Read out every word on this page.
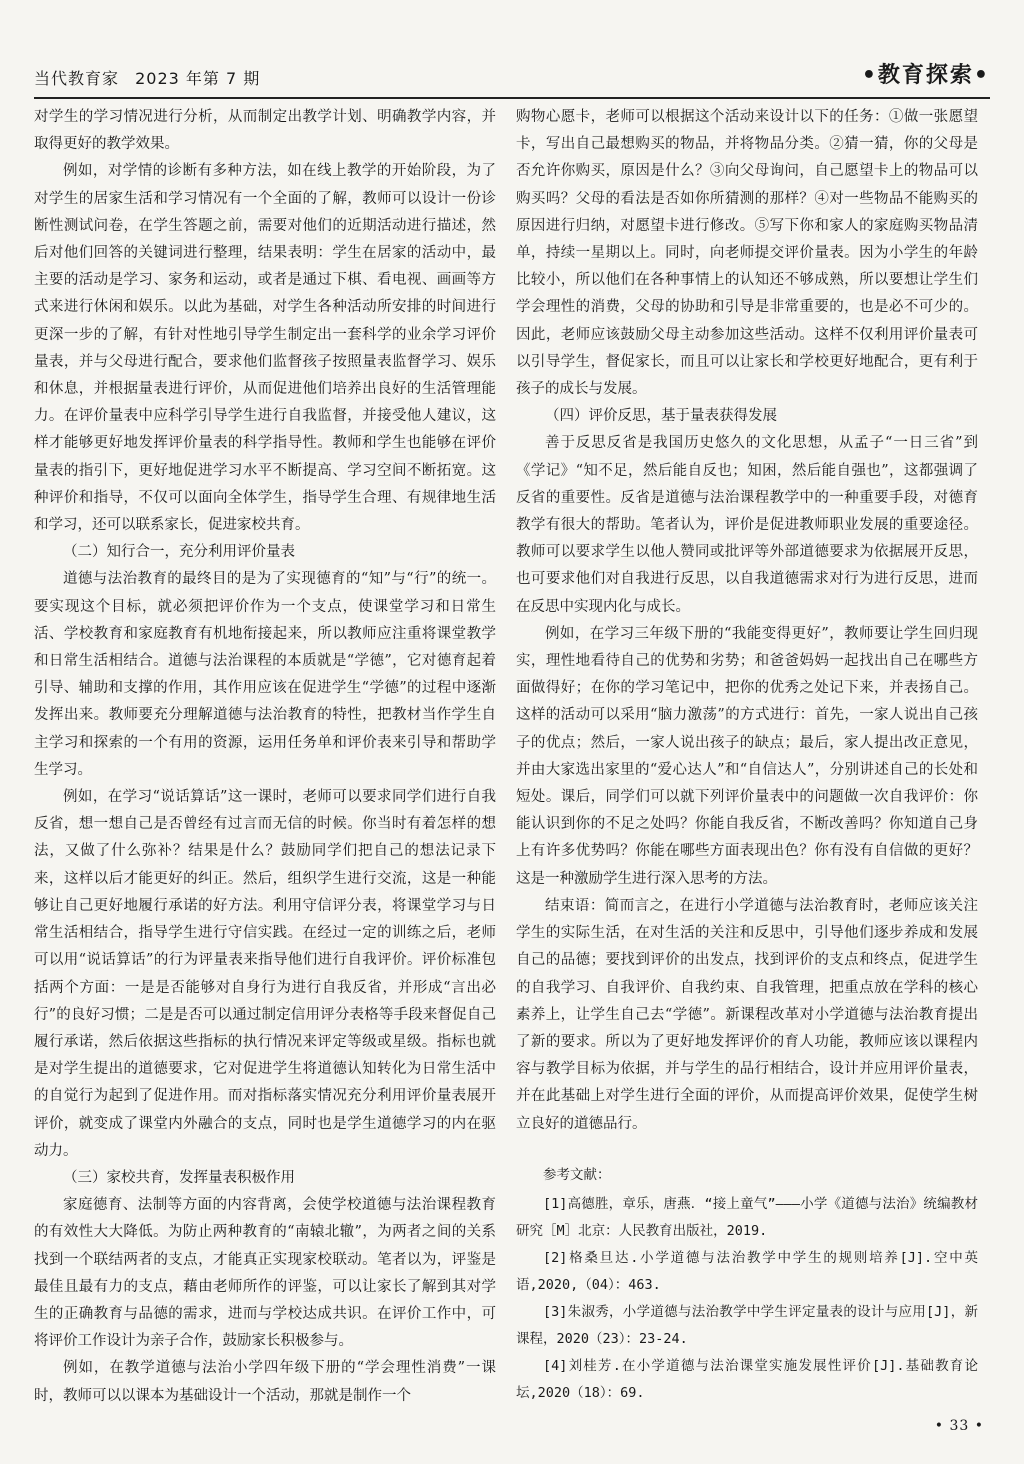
当代教育家 2023 年第 7 期	•教育探索•

对学生的学习情况进行分析，从而制定出教学计划、明确教学内容，并取得更好的教学效果。

例如，对学情的诊断有多种方法，如在线上教学的开始阶段，为了对学生的居家生活和学习情况有一个全面的了解，教师可以设计一份诊断性测试问卷，在学生答题之前，需要对他们的近期活动进行描述，然后对他们回答的关键词进行整理，结果表明：学生在居家的活动中，最主要的活动是学习、家务和运动，或者是通过下棋、看电视、画画等方式来进行休闲和娱乐。以此为基础，对学生各种活动所安排的时间进行更深一步的了解，有针对性地引导学生制定出一套科学的业余学习评价量表，并与父母进行配合，要求他们监督孩子按照量表监督学习、娱乐和休息，并根据量表进行评价，从而促进他们培养出良好的生活管理能力。在评价量表中应科学引导学生进行自我监督，并接受他人建议，这样才能够更好地发挥评价量表的科学指导性。教师和学生也能够在评价量表的指引下，更好地促进学习水平不断提高、学习空间不断拓宽。这种评价和指导，不仅可以面向全体学生，指导学生合理、有规律地生活和学习，还可以联系家长，促进家校共育。

（二）知行合一，充分利用评价量表

道德与法治教育的最终目的是为了实现德育的“知”与“行”的统一。要实现这个目标，就必须把评价作为一个支点，使课堂学习和日常生活、学校教育和家庭教育有机地衔接起来，所以教师应注重将课堂教学和日常生活相结合。道德与法治课程的本质就是“学德”，它对德育起着引导、辅助和支撑的作用，其作用应该在促进学生“学德”的过程中逐渐发挥出来。教师要充分理解道德与法治教育的特性，把教材当作学生自主学习和探索的一个有用的资源，运用任务单和评价表来引导和帮助学生学习。

例如，在学习“说话算话”这一课时，老师可以要求同学们进行自我反省，想一想自己是否曾经有过言而无信的时候。你当时有着怎样的想法，又做了什么弥补？结果是什么？鼓励同学们把自己的想法记录下来，这样以后才能更好的纠正。然后，组织学生进行交流，这是一种能够让自己更好地履行承诺的好方法。利用守信评分表，将课堂学习与日常生活相结合，指导学生进行守信实践。在经过一定的训练之后，老师可以用“说话算话”的行为评量表来指导他们进行自我评价。评价标准包括两个方面：一是是否能够对自身行为进行自我反省，并形成“言出必行”的良好习惯；二是是否可以通过制定信用评分表格等手段来督促自己履行承诺，然后依据这些指标的执行情况来评定等级或星级。指标也就是对学生提出的道德要求，它对促进学生将道德认知转化为日常生活中的自觉行为起到了促进作用。而对指标落实情况充分利用评价量表展开评价，就变成了课堂内外融合的支点，同时也是学生道德学习的内在驱动力。

（三）家校共育，发挥量表积极作用

家庭德育、法制等方面的内容背离，会使学校道德与法治课程教育的有效性大大降低。为防止两种教育的“南辕北辙”，为两者之间的关系找到一个联结两者的支点，才能真正实现家校联动。笔者以为，评鉴是最佳且最有力的支点，藉由老师所作的评鉴，可以让家长了解到其对学生的正确教育与品德的需求，进而与学校达成共识。在评价工作中，可将评价工作设计为亲子合作，鼓励家长积极参与。

例如，在教学道德与法治小学四年级下册的“学会理性消费”一课时，教师可以以课本为基础设计一个活动，那就是制作一个

购物心愿卡，老师可以根据这个活动来设计以下的任务：①做一张愿望卡，写出自己最想购买的物品，并将物品分类。②猜一猜，你的父母是否允许你购买，原因是什么？③向父母询问，自己愿望卡上的物品可以购买吗？父母的看法是否如你所猜测的那样？④对一些物品不能购买的原因进行归纳，对愿望卡进行修改。⑤写下你和家人的家庭购买物品清单，持续一星期以上。同时，向老师提交评价量表。因为小学生的年龄比较小，所以他们在各种事情上的认知还不够成熟，所以要想让学生们学会理性的消费，父母的协助和引导是非常重要的，也是必不可少的。因此，老师应该鼓励父母主动参加这些活动。这样不仅利用评价量表可以引导学生，督促家长，而且可以让家长和学校更好地配合，更有利于孩子的成长与发展。

（四）评价反思，基于量表获得发展

善于反思反省是我国历史悠久的文化思想，从孟子“一日三省”到《学记》“知不足，然后能自反也；知困，然后能自强也”，这都强调了反省的重要性。反省是道德与法治课程教学中的一种重要手段，对德育教学有很大的帮助。笔者认为，评价是促进教师职业发展的重要途径。教师可以要求学生以他人赞同或批评等外部道德要求为依据展开反思，也可要求他们对自我进行反思，以自我道德需求对行为进行反思，进而在反思中实现内化与成长。

例如，在学习三年级下册的“我能变得更好”，教师要让学生回归现实，理性地看待自己的优势和劣势；和爸爸妈妈一起找出自己在哪些方面做得好；在你的学习笔记中，把你的优秀之处记下来，并表扬自己。这样的活动可以采用“脑力激荡”的方式进行：首先，一家人说出自己孩子的优点；然后，一家人说出孩子的缺点；最后，家人提出改正意见，并由大家选出家里的“爱心达人”和“自信达人”，分别讲述自己的长处和短处。课后，同学们可以就下列评价量表中的问题做一次自我评价：你能认识到你的不足之处吗？你能自我反省，不断改善吗？你知道自己身上有许多优势吗？你能在哪些方面表现出色？你有没有自信做的更好？这是一种激励学生进行深入思考的方法。

结束语：简而言之，在进行小学道德与法治教育时，老师应该关注学生的实际生活，在对生活的关注和反思中，引导他们逐步养成和发展自己的品德；要找到评价的出发点，找到评价的支点和终点，促进学生的自我学习、自我评价、自我约束、自我管理，把重点放在学科的核心素养上，让学生自己去“学德”。新课程改革对小学道德与法治教育提出了新的要求。所以为了更好地发挥评价的育人功能，教师应该以课程内容与教学目标为依据，并与学生的品行相结合，设计并应用评价量表，并在此基础上对学生进行全面的评价，从而提高评价效果，促使学生树立良好的道德品行。

参考文献：
[1]高德胜，章乐，唐燕．“接上童气”———小学《道德与法治》统编教材研究［M］北京：人民教育出版社，2019.
[2]格桑旦达.小学道德与法治教学中学生的规则培养[J].空中英语,2020,（04）：463.
[3]朱淑秀，小学道德与法治教学中学生评定量表的设计与应用[J]，新课程，2020（23）：23-24.
[4]刘桂芳.在小学道德与法治课堂实施发展性评价[J].基础教育论坛,2020（18）：69.
• 33 •
